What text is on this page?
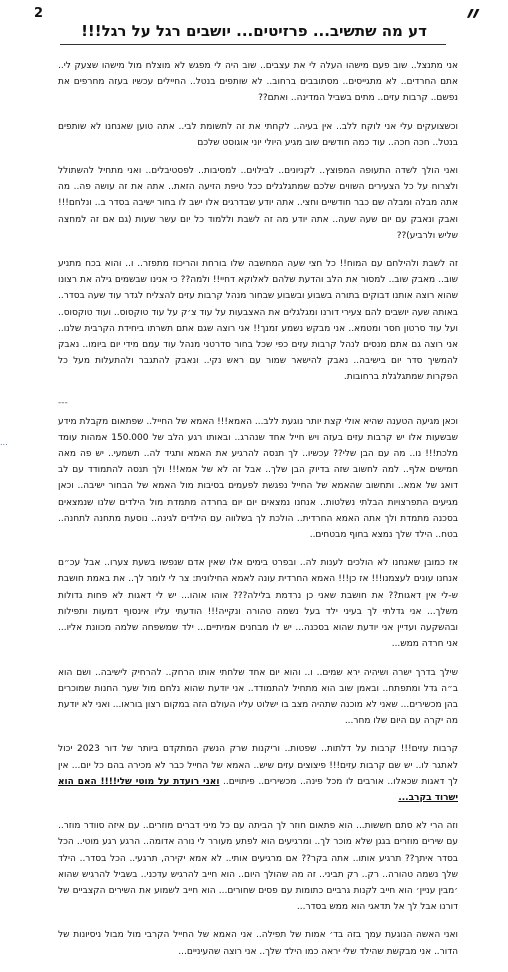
2	״
דע מה שתשיב... פרזיטים... יושבים רגל על רגל!!!
...

אני מתנצל.. שוב פעם מישהו העלה לי את עצבים.. שוב היה לי מפגש לא מוצלח מול מישהו שצעק לי.. אתם החרדים.. לא מתגייסים.. מסתובבים ברחוב.. לא שותפים בנטל.. החיילים עכשיו בעזה מחרפים את נפשם.. קרבות עזים.. מתים בשביל המדינה.. ואתם??

וכשצועקים עלי אני לוקח ללב.. אין בעיה.. לקחתי את זה לתשומת לבי.. אתה טוען שאנחנו לא שותפים בנטל.. חכה חכה.. עוד כמה חודשים שוב מגיע היולי יוני אוגוסט שלכם

ואני הולך לשדה התעופה המפוצץ.. לקניונים.. לבילוים.. למסיבות.. לפסטיבלים.. ואני מתחיל להשתולל ולצרוח על כל הצעירים השווים שלכם שמתגלגלים ככל טיפת הזיעה הזאת.. אתה את זה עושה פה.. מה אתה מבלה ומבלה שם כבר חודשיים וחצי.. אתה יודע שבדרגים אלו ישב לו בחור ישיבה בסדר ב.. ונלחם!!! ואבק ונאבק עם יום שעה שעה.. אתה יודע מה זה לשבת וללמוד כל יום עשר שעות (גם אם זה למחצה שליש ולרביע)??

זה לשבת ולהילחם עם המוח!! כל חצי שעה המחשבה שלו בורחת והריכוז מתפזר.. ו.. והוא בכח מתניע שוב.. מאבק שוב.. למסור את הלב והדעת שלהם לאלוקא דחיי!! ולמה?? כי אנינו שבשמים גילה את רצונו שהוא רוצה אותנו דבוקים בתורה בשבוע ובשבוע שבחור מנהל קרבות עזים להצליח לגדר עוד שעה בסדר.. באותה שעה יושבים להם צעירי דורנו ומגלגלים את האצבעות על עוד צ׳ק על עוד טוקסוס.. ועוד טוקסוס.. ועל עוד סרטון חסר ומטמא.. אני מבקש נשמע זמנך!! אני רוצה שגם אתם תשרתו ביחידת הקרבית שלנו.. אני רוצה גם אתם מנסים לנהל קרבות עזים כפי שכל בחור סדרטני מנהל עוד עמם מידי יום ביומו.. נאבק להמשיך סדר יום בישיבה.. נאבק להישאר שמור עם ראש נקי.. ונאבק להתגבר ולהתעלות מעל כל הפקרות שמתגלגלת ברחובות.

---

וכאן מגיעה הטענה שהיא אולי קצת יותר נוגעת ללב... האמא!!! האמא של החייל.. שפתאום מקבלת מידע שבשעות אלו יש קרבות עזים בעזה ויש חייל אחד שנהרג.. ובאותו רגע הלב של 150.000 אמהות עומד מלכת!!! נו.. מה עם הבן שלי?? עכשיו.. לך תנסה להרגיע את האמא ותגיד לה.. תשמעי.. יש פה מאה חמישים אלף.. למה לחשוב שזה בדיוק הבן שלך.. אבל זה לא של אמא!!! ולך תנסה להתמודד עם לב דואג של אמא.. ותחשוב שהאמא של החייל נפגשת לפעמים בסיבות מול האמא של הבחור ישיבה.. וכאן מגיעים התפרצויות הבלתי נשלטות.. אנחנו נמצאים יום יום בחרדה מתמדת מול הילדים שלנו שנמצאים בסכנה מתמדת ולך אתה האמא החרדית.. הולכת לך בשלווה עם הילדים לגינה.. נוסעת מתחנה לתחנה.. בטח.. הילד שלך נמצא בחוף מבטחים..

אז כמובן שאנחנו לא הולכים לענות לה.. ובפרט בימים אלו שאין אדם שנפשו בשעת צערו.. אבל עכ״ם אנחנו עונים לעצמנו!!! אז כן!!! האמא החרדית עונה לאמא החילונית: צר לי לומר לך.. את באמת חושבת ש-לי אין דאגות?? את חושבת שאני כן נרדמת בלילה??? אוהו אוהו... יש לי דאגות לא פחות גדולות משלך... אני גדלתי לך בעיני ילד בעל נשמה טהורה ונקייה!!! הודעתי עליו אינסוף דמעות ותפילות ובהשקעה ועדיין אני יודעת שהוא בסכנה... יש לו מבחנים אמיתיים... ילד שמשפחה שלמה מכוונת אליו... אני חרדה ממש...

שילך בדרך ישרה ושיהיה ירא שמים.. ו.. והוא יום אחד שלחתי אותו הרחק.. להרחיק לישיבה.. ושם הוא ב״ה גדל ומתפתח.. ובאמן שוב הוא מתחיל להתמודד.. אני יודעת שהוא נלחם מול שער החנות שמוכרים בהן מכשירים... שאני לא מוכנה שתהיה מצב בו ישלוט עליו העולם הזה במקום רצון בוראו... ואני לא יודעת מה יקרה עם היום שלו מחר...

קרבות עזים!!! קרבות על דלתות.. שפטות.. וריקנות שרק הנשק המתקדם ביותר של דור 2023 יכול לאתגר לו.. יש שם קרבות עזים!!! פיצוצים עזים שיש.. האמא של החייל כבר לא מכירה בהם כל יום... אין לך דאגות שכאלו.. אורבים לו מכל פינה.. מכשירים.. פיתויים.. ואני רועדת על מוטי שלי!!!! האם הוא ישרוד בקרב...

וזה הרי לא סתם חששות... הוא פתאום חוזר לך הביתה עם כל מיני דברים מוזרים.. עם איזה סוודר מוזר.. עם שירים מוזרים בגגן שלא מוכר לך.. ומרגיעים הוא לפתע מעורר לי נורה אדומה.. הרגע רגע מוטי.. הכל בסדר איתך?? תרגיע אותו.. אתה בקר?? אם מרגיעים אותי.. לא אמא יקירה, תרגעי.. הכל בסדר.. הילד שלך נשמה טהורה.. רק.. רק תביני.. זה מה שהולך היום.. הוא חייב להרגיש עדכני.. בשביל להרגיש שהוא ׳מבין עניין׳ הוא חייב לקנות גרביים כתומות עם פסים שחורים... הוא חייב לשמוע את השירים הקצביים של דורנו אבל לך אל תדאגי הוא ממש בסדר...

ואני האשה הנוגעת עמך בזה בד׳ אמות של תפילה.. אני האמא של החייל הקרבי מול מבול ניסיונות של הדור.. אני מבקשת שהילד שלי יראה כמו הילד שלך.. אני רוצה שהעיניים...
